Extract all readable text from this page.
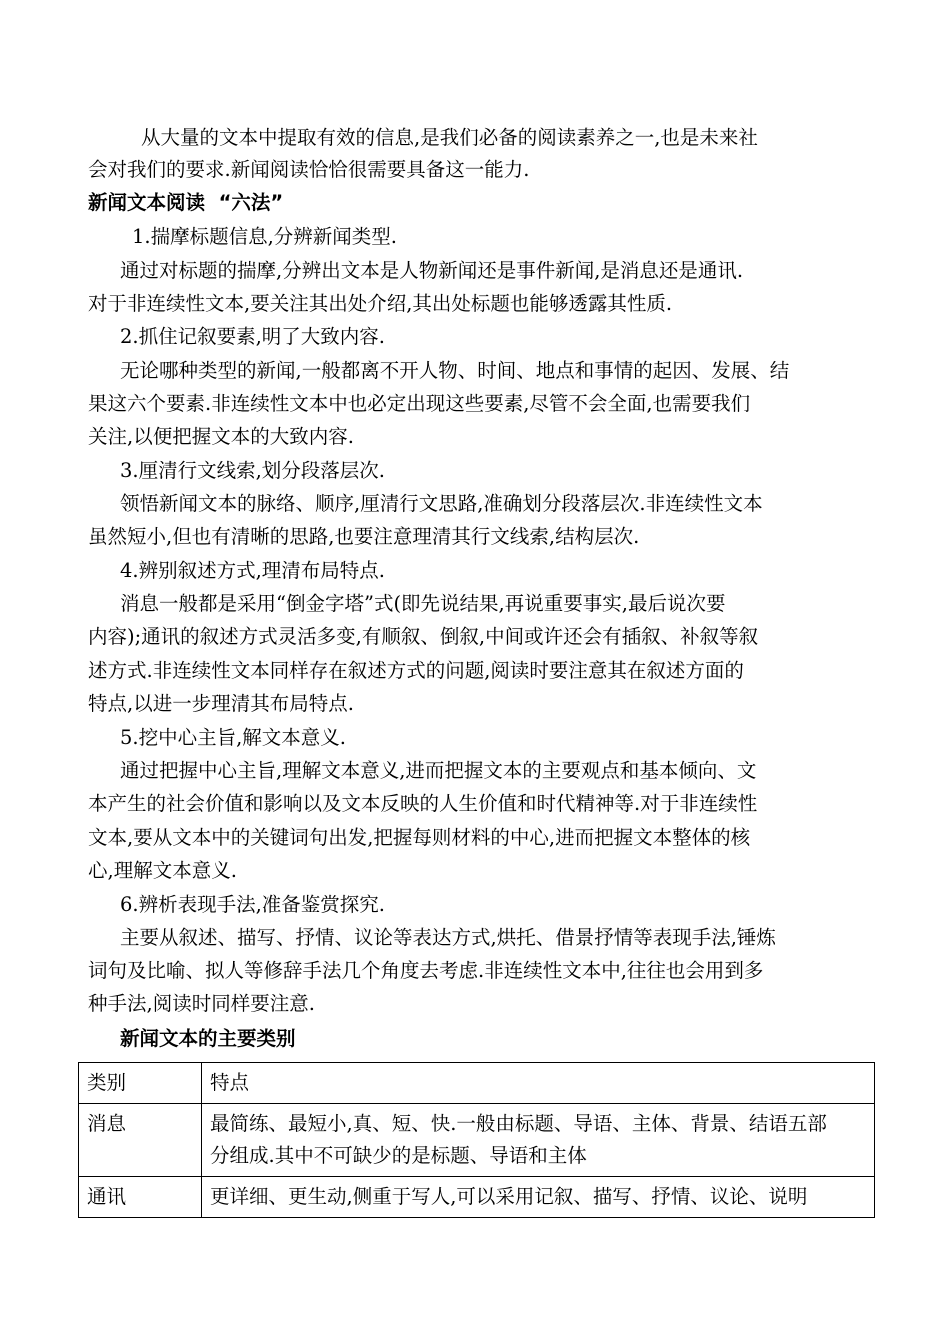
从大量的文本中提取有效的信息,是我们必备的阅读素养之一,也是未来社
会对我们的要求.新闻阅读恰恰很需要具备这一能力.
新闻文本阅读  “六法”
1.揣摩标题信息,分辨新闻类型.
通过对标题的揣摩,分辨出文本是人物新闻还是事件新闻,是消息还是通讯.
对于非连续性文本,要关注其出处介绍,其出处标题也能够透露其性质.
2.抓住记叙要素,明了大致内容.
无论哪种类型的新闻,一般都离不开人物、时间、地点和事情的起因、发展、结
果这六个要素.非连续性文本中也必定出现这些要素,尽管不会全面,也需要我们
关注,以便把握文本的大致内容.
3.厘清行文线索,划分段落层次.
领悟新闻文本的脉络、顺序,厘清行文思路,准确划分段落层次.非连续性文本
虽然短小,但也有清晰的思路,也要注意理清其行文线索,结构层次.
4.辨别叙述方式,理清布局特点.
消息一般都是采用“倒金字塔”式(即先说结果,再说重要事实,最后说次要
内容);通讯的叙述方式灵活多变,有顺叙、倒叙,中间或许还会有插叙、补叙等叙
述方式.非连续性文本同样存在叙述方式的问题,阅读时要注意其在叙述方面的
特点,以进一步理清其布局特点.
5.挖中心主旨,解文本意义.
通过把握中心主旨,理解文本意义,进而把握文本的主要观点和基本倾向、文
本产生的社会价值和影响以及文本反映的人生价值和时代精神等.对于非连续性
文本,要从文本中的关键词句出发,把握每则材料的中心,进而把握文本整体的核
心,理解文本意义.
6.辨析表现手法,准备鉴赏探究.
主要从叙述、描写、抒情、议论等表达方式,烘托、借景抒情等表现手法,锤炼
词句及比喻、拟人等修辞手法几个角度去考虑.非连续性文本中,往往也会用到多
种手法,阅读时同样要注意.
新闻文本的主要类别
类别	特点
消息	最简练、最短小,真、短、快.一般由标题、导语、主体、背景、结语五部
分组成.其中不可缺少的是标题、导语和主体

通讯	更详细、更生动,侧重于写人,可以采用记叙、描写、抒情、议论、说明
